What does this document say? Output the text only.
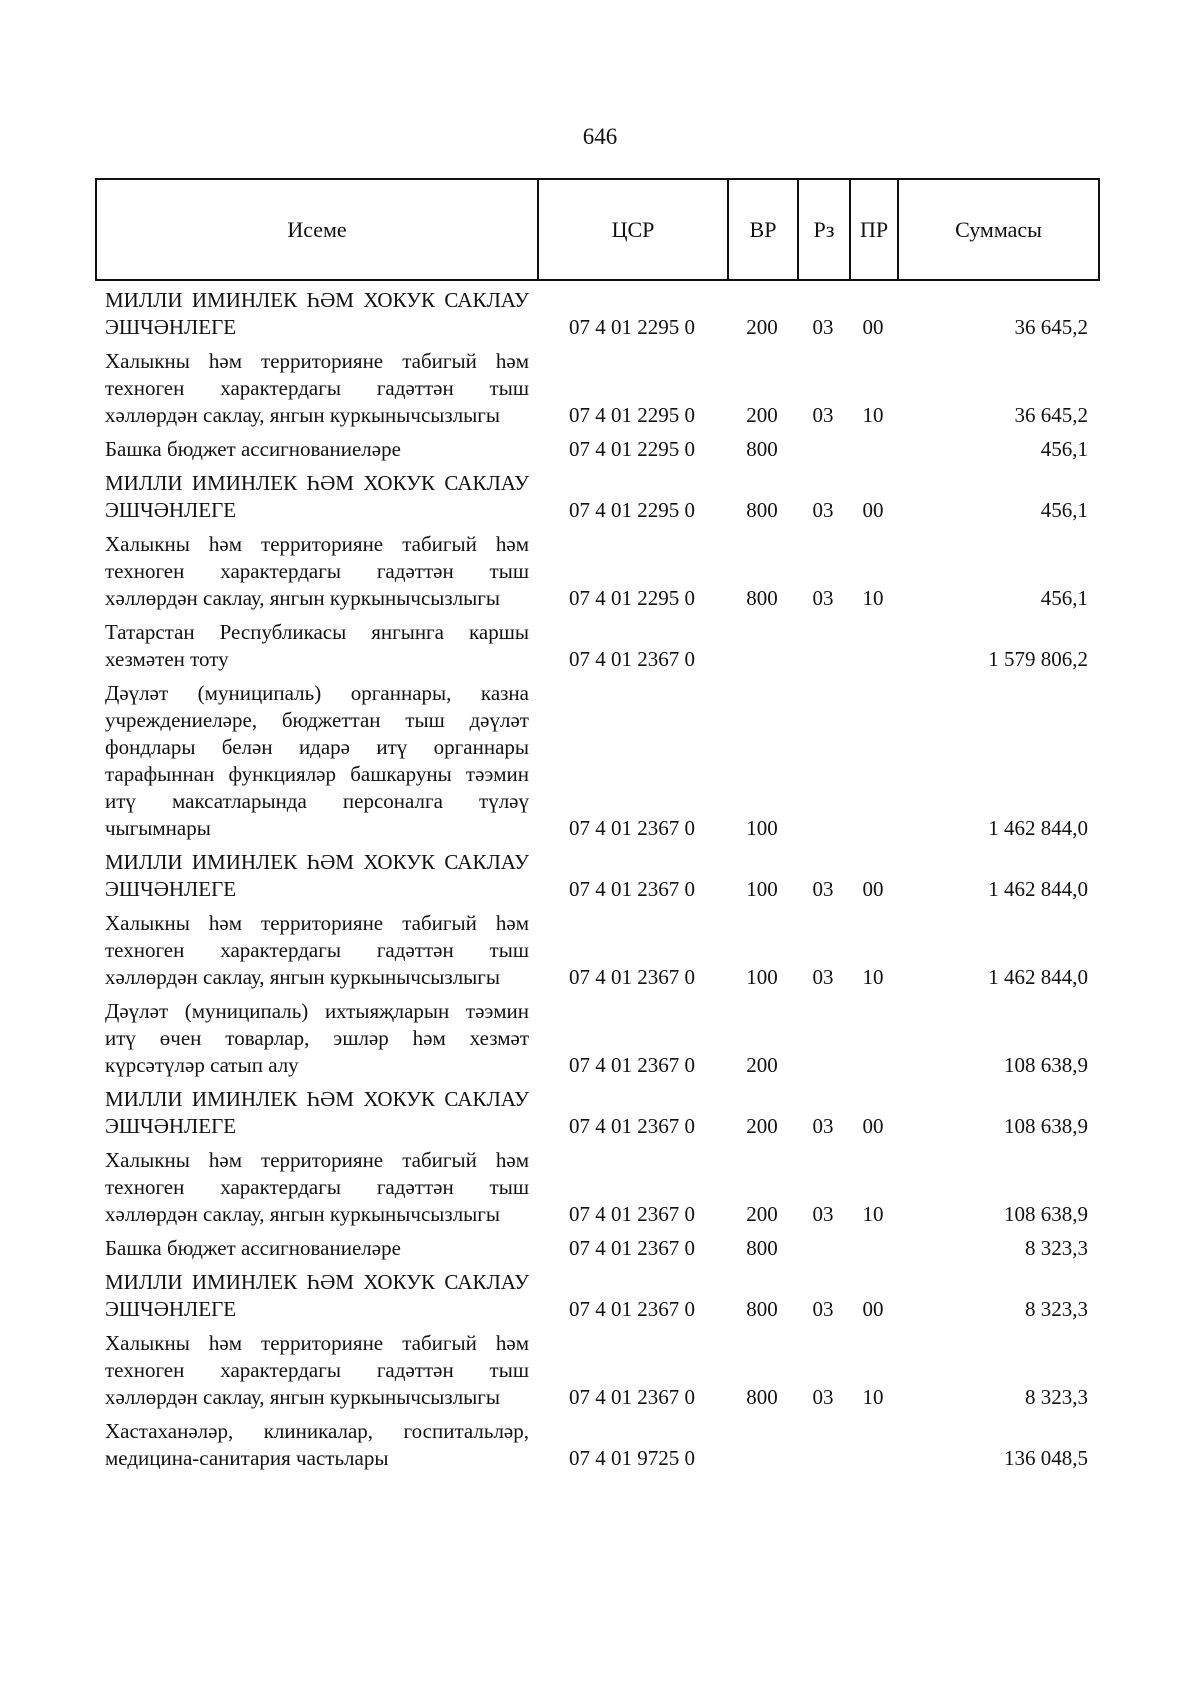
646
Исеме	ЦСР	ВР	Рз	ПР	Суммасы
МИЛЛИ ИМИНЛЕК ҺӘМ ХОКУК САКЛАУ ЭШЧӘНЛЕГЕ	07 4 01 2295 0	200	03	00	36 645,2
Халыкны һәм территорияне табигый һәм техноген характердагы гадәттән тыш хәллөрдән саклау, янгын куркынычсызлыгы	07 4 01 2295 0	200	03	10	36 645,2
Башка бюджет ассигнованиеләре	07 4 01 2295 0	800			456,1
МИЛЛИ ИМИНЛЕК ҺӘМ ХОКУК САКЛАУ ЭШЧӘНЛЕГЕ	07 4 01 2295 0	800	03	00	456,1
Халыкны һәм территорияне табигый һәм техноген характердагы гадәттән тыш хәллөрдән саклау, янгын куркынычсызлыгы	07 4 01 2295 0	800	03	10	456,1
Татарстан Республикасы янгынга каршы хезмәтен тоту	07 4 01 2367 0				1 579 806,2
Дәүләт (муниципаль) органнары, казна учреждениеләре, бюджеттан тыш дәүләт фондлары белән идарә итү органнары тарафыннан функцияләр башкаруны тәэмин итү максатларында персоналга түләү чыгымнары	07 4 01 2367 0	100			1 462 844,0
МИЛЛИ ИМИНЛЕК ҺӘМ ХОКУК САКЛАУ ЭШЧӘНЛЕГЕ	07 4 01 2367 0	100	03	00	1 462 844,0
Халыкны һәм территорияне табигый һәм техноген характердагы гадәттән тыш хәллөрдән саклау, янгын куркынычсызлыгы	07 4 01 2367 0	100	03	10	1 462 844,0
Дәүләт (муниципаль) ихтыяҗларын тәэмин итү өчен товарлар, эшләр һәм хезмәт күрсәтүләр сатып алу	07 4 01 2367 0	200			108 638,9
МИЛЛИ ИМИНЛЕК ҺӘМ ХОКУК САКЛАУ ЭШЧӘНЛЕГЕ	07 4 01 2367 0	200	03	00	108 638,9
Халыкны һәм территорияне табигый һәм техноген характердагы гадәттән тыш хәллөрдән саклау, янгын куркынычсызлыгы	07 4 01 2367 0	200	03	10	108 638,9
Башка бюджет ассигнованиеләре	07 4 01 2367 0	800			8 323,3
МИЛЛИ ИМИНЛЕК ҺӘМ ХОКУК САКЛАУ ЭШЧӘНЛЕГЕ	07 4 01 2367 0	800	03	00	8 323,3
Халыкны һәм территорияне табигый һәм техноген характердагы гадәттән тыш хәллөрдән саклау, янгын куркынычсызлыгы	07 4 01 2367 0	800	03	10	8 323,3
Хастаханәләр, клиникалар, госпитальләр, медицина-санитария частьлары	07 4 01 9725 0				136 048,5
